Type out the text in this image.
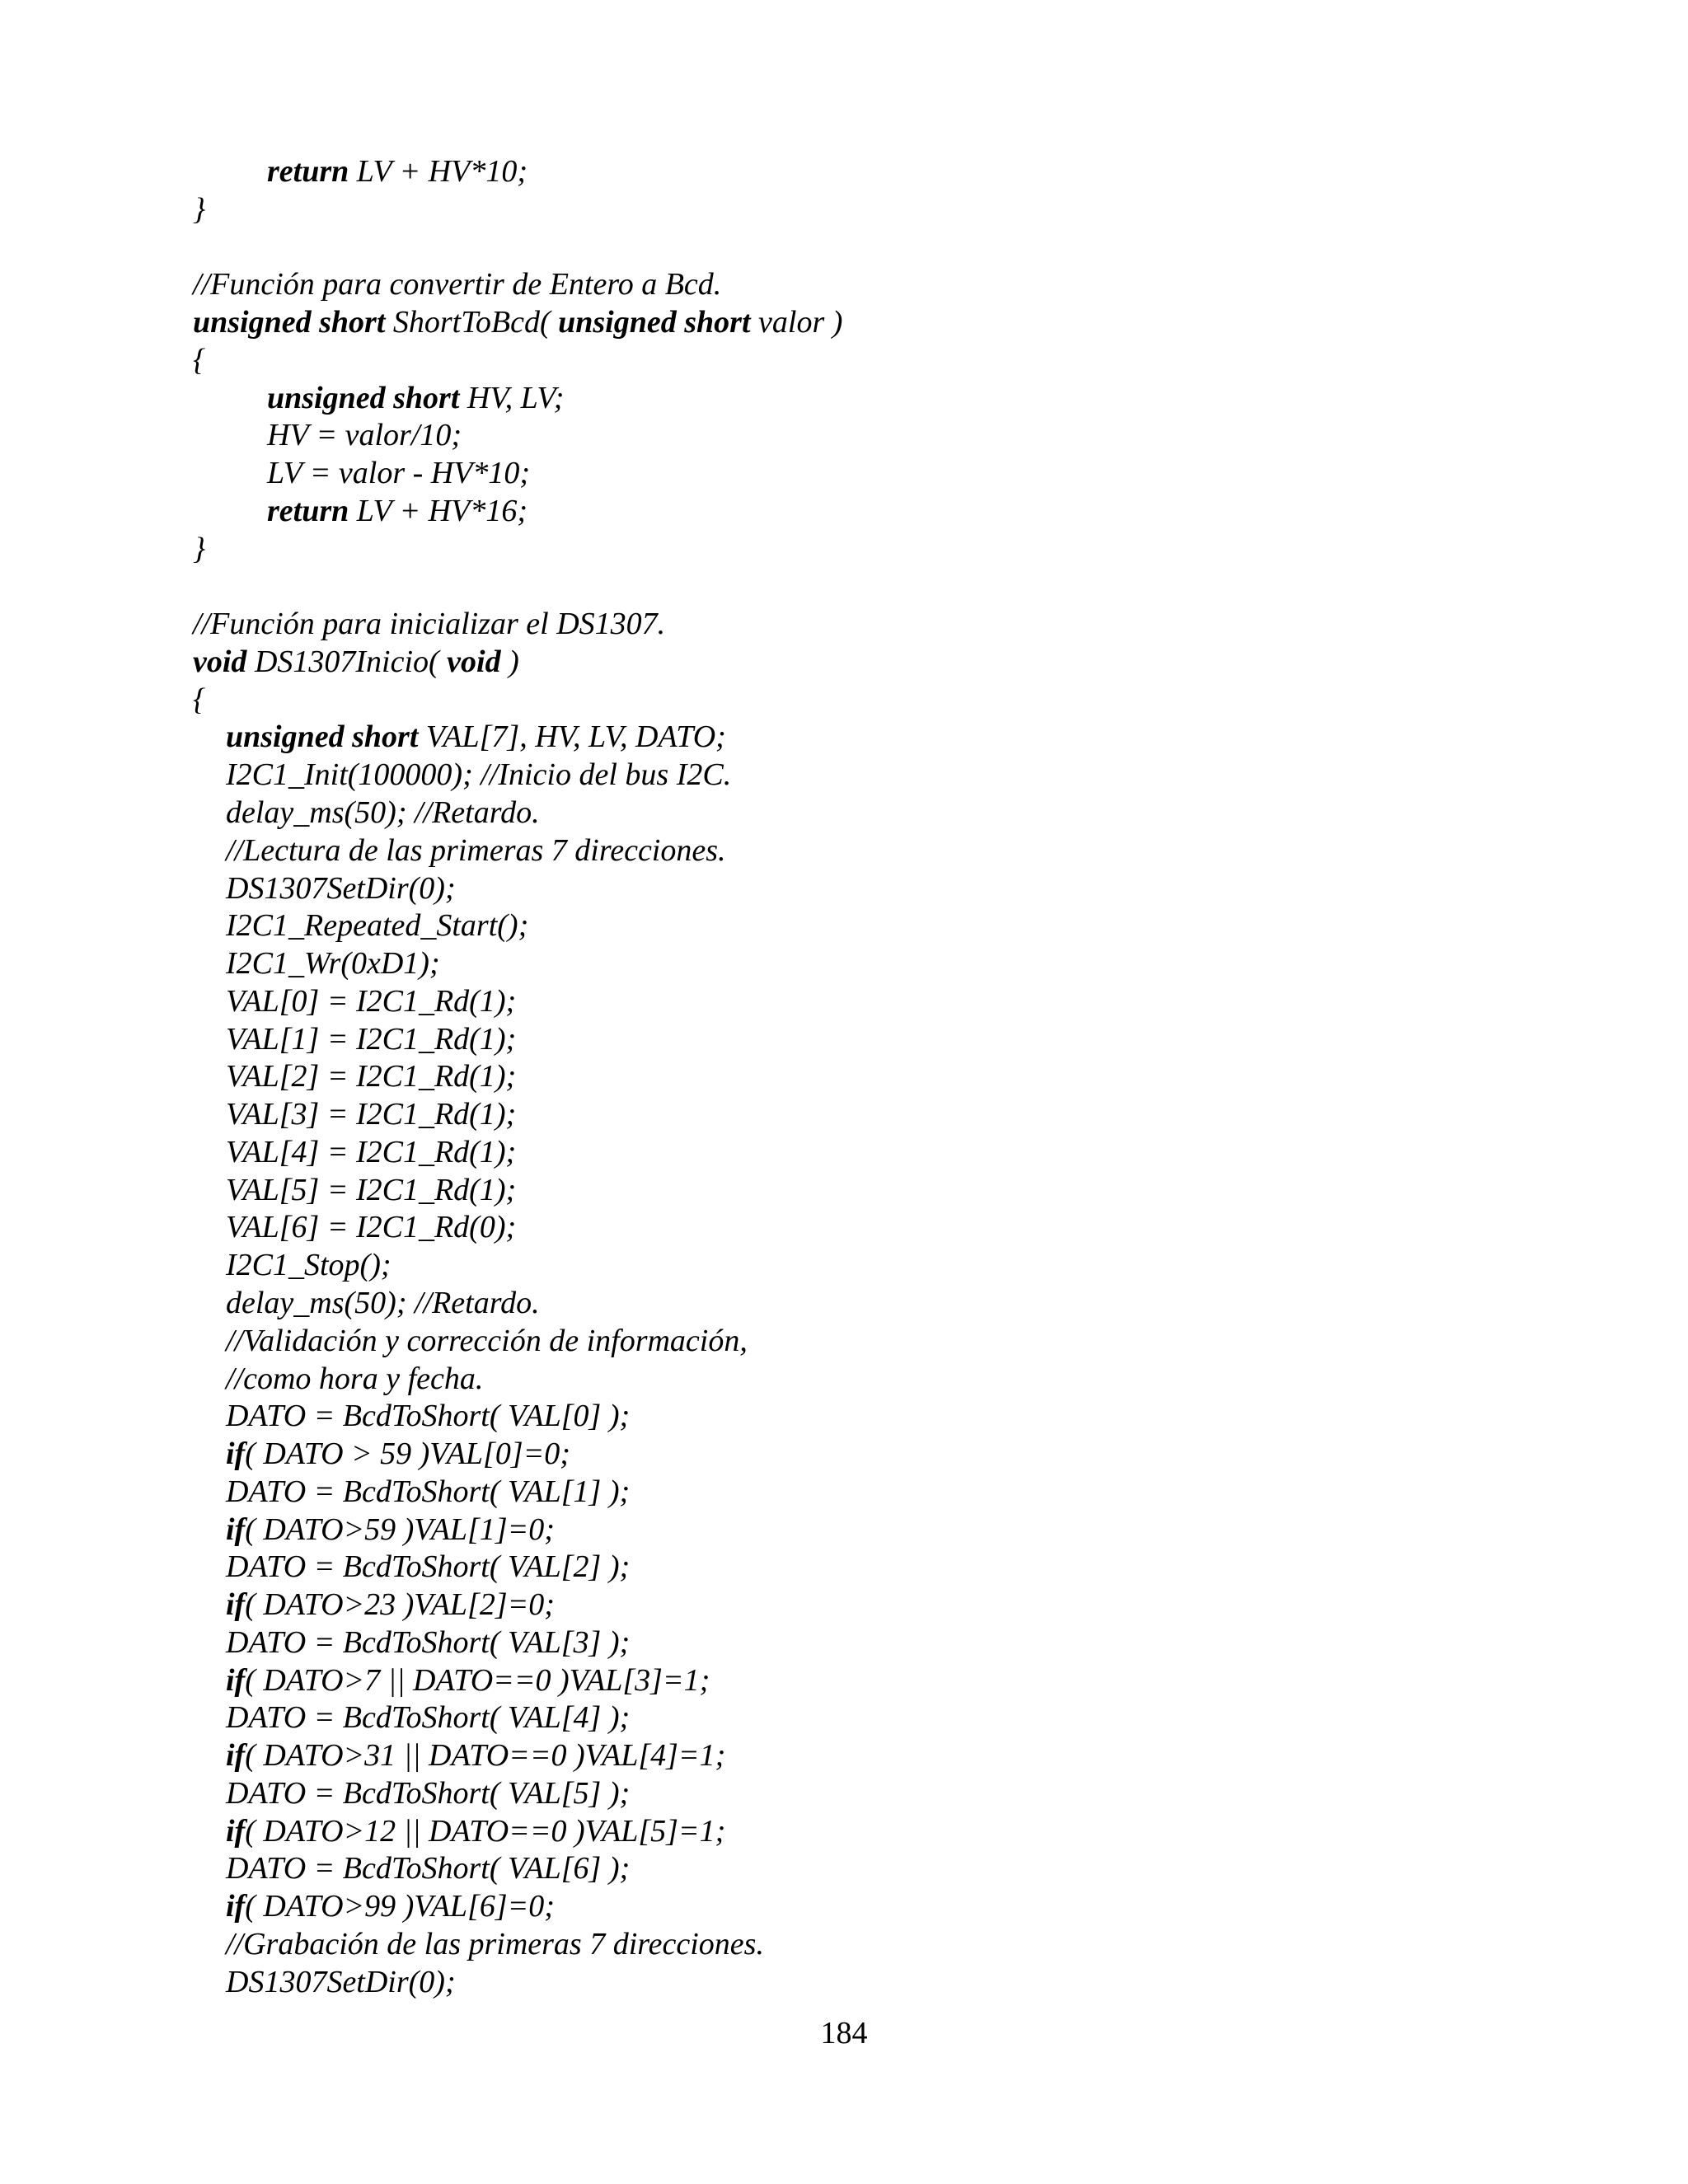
return LV + HV*10;
}
//Función para convertir de Entero a Bcd.
unsigned short ShortToBcd( unsigned short valor )
{
unsigned short HV, LV;
HV = valor/10;
LV = valor - HV*10;
return LV + HV*16;
}
//Función para inicializar el DS1307.
void DS1307Inicio( void )
{
unsigned short VAL[7], HV, LV, DATO;
I2C1_Init(100000); //Inicio del bus I2C.
delay_ms(50); //Retardo.
//Lectura de las primeras 7 direcciones.
DS1307SetDir(0);
I2C1_Repeated_Start();
I2C1_Wr(0xD1);
VAL[0] = I2C1_Rd(1);
VAL[1] = I2C1_Rd(1);
VAL[2] = I2C1_Rd(1);
VAL[3] = I2C1_Rd(1);
VAL[4] = I2C1_Rd(1);
VAL[5] = I2C1_Rd(1);
VAL[6] = I2C1_Rd(0);
I2C1_Stop();
delay_ms(50); //Retardo.
//Validación y corrección de información,
//como hora y fecha.
DATO = BcdToShort( VAL[0] );
if( DATO > 59 )VAL[0]=0;
DATO = BcdToShort( VAL[1] );
if( DATO>59 )VAL[1]=0;
DATO = BcdToShort( VAL[2] );
if( DATO>23 )VAL[2]=0;
DATO = BcdToShort( VAL[3] );
if( DATO>7 || DATO==0 )VAL[3]=1;
DATO = BcdToShort( VAL[4] );
if( DATO>31 || DATO==0 )VAL[4]=1;
DATO = BcdToShort( VAL[5] );
if( DATO>12 || DATO==0 )VAL[5]=1;
DATO = BcdToShort( VAL[6] );
if( DATO>99 )VAL[6]=0;
//Grabación de las primeras 7 direcciones.
DS1307SetDir(0);
184
